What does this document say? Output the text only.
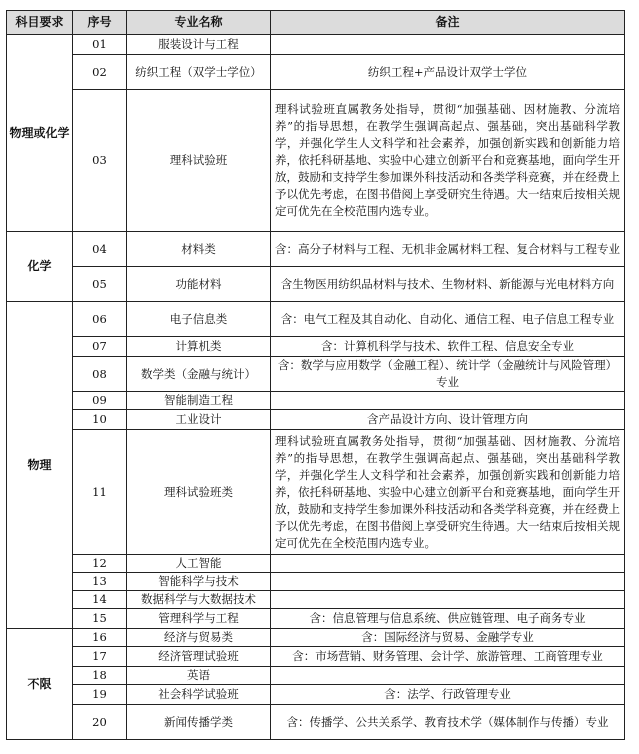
科目要求	序号	专业名称	备注
物理或化学	01	服装设计与工程	
	02	纺织工程（双学士学位）	纺织工程+产品设计双学士学位
	03	理科试验班	理科试验班直属教务处指导，贯彻“加强基础、因材施教、分流培养”的指导思想，在教学生强调高起点、强基础，突出基础科学教学，并强化学生人文科学和社会素养，加强创新实践和创新能力培养，依托科研基地、实验中心建立创新平台和竞赛基地，面向学生开放，鼓励和支持学生参加课外科技活动和各类学科竞赛，并在经费上予以优先考虑，在图书借阅上享受研究生待遇。大一结束后按相关规定可优先在全校范围内选专业。
化学	04	材料类	含：高分子材料与工程、无机非金属材料工程、复合材料与工程专业
	05	功能材料	含生物医用纺织品材料与技术、生物材料、新能源与光电材料方向
物理	06	电子信息类	含：电气工程及其自动化、自动化、通信工程、电子信息工程专业
	07	计算机类	含：计算机科学与技术、软件工程、信息安全专业
	08	数学类（金融与统计）	含：数学与应用数学（金融工程）、统计学（金融统计与风险管理）专业
	09	智能制造工程	
	10	工业设计	含产品设计方向、设计管理方向
	11	理科试验班类	理科试验班直属教务处指导，贯彻“加强基础、因材施教、分流培养”的指导思想，在教学生强调高起点、强基础，突出基础科学教学，并强化学生人文科学和社会素养，加强创新实践和创新能力培养，依托科研基地、实验中心建立创新平台和竞赛基地，面向学生开放，鼓励和支持学生参加课外科技活动和各类学科竞赛，并在经费上予以优先考虑，在图书借阅上享受研究生待遇。大一结束后按相关规定可优先在全校范围内选专业。
	12	人工智能	
	13	智能科学与技术	
	14	数据科学与大数据技术	
	15	管理科学与工程	含：信息管理与信息系统、供应链管理、电子商务专业
不限	16	经济与贸易类	含：国际经济与贸易、金融学专业
	17	经济管理试验班	含：市场营销、财务管理、会计学、旅游管理、工商管理专业
	18	英语	
	19	社会科学试验班	含：法学、行政管理专业
	20	新闻传播学类	含：传播学、公共关系学、教育技术学（媒体制作与传播）专业
